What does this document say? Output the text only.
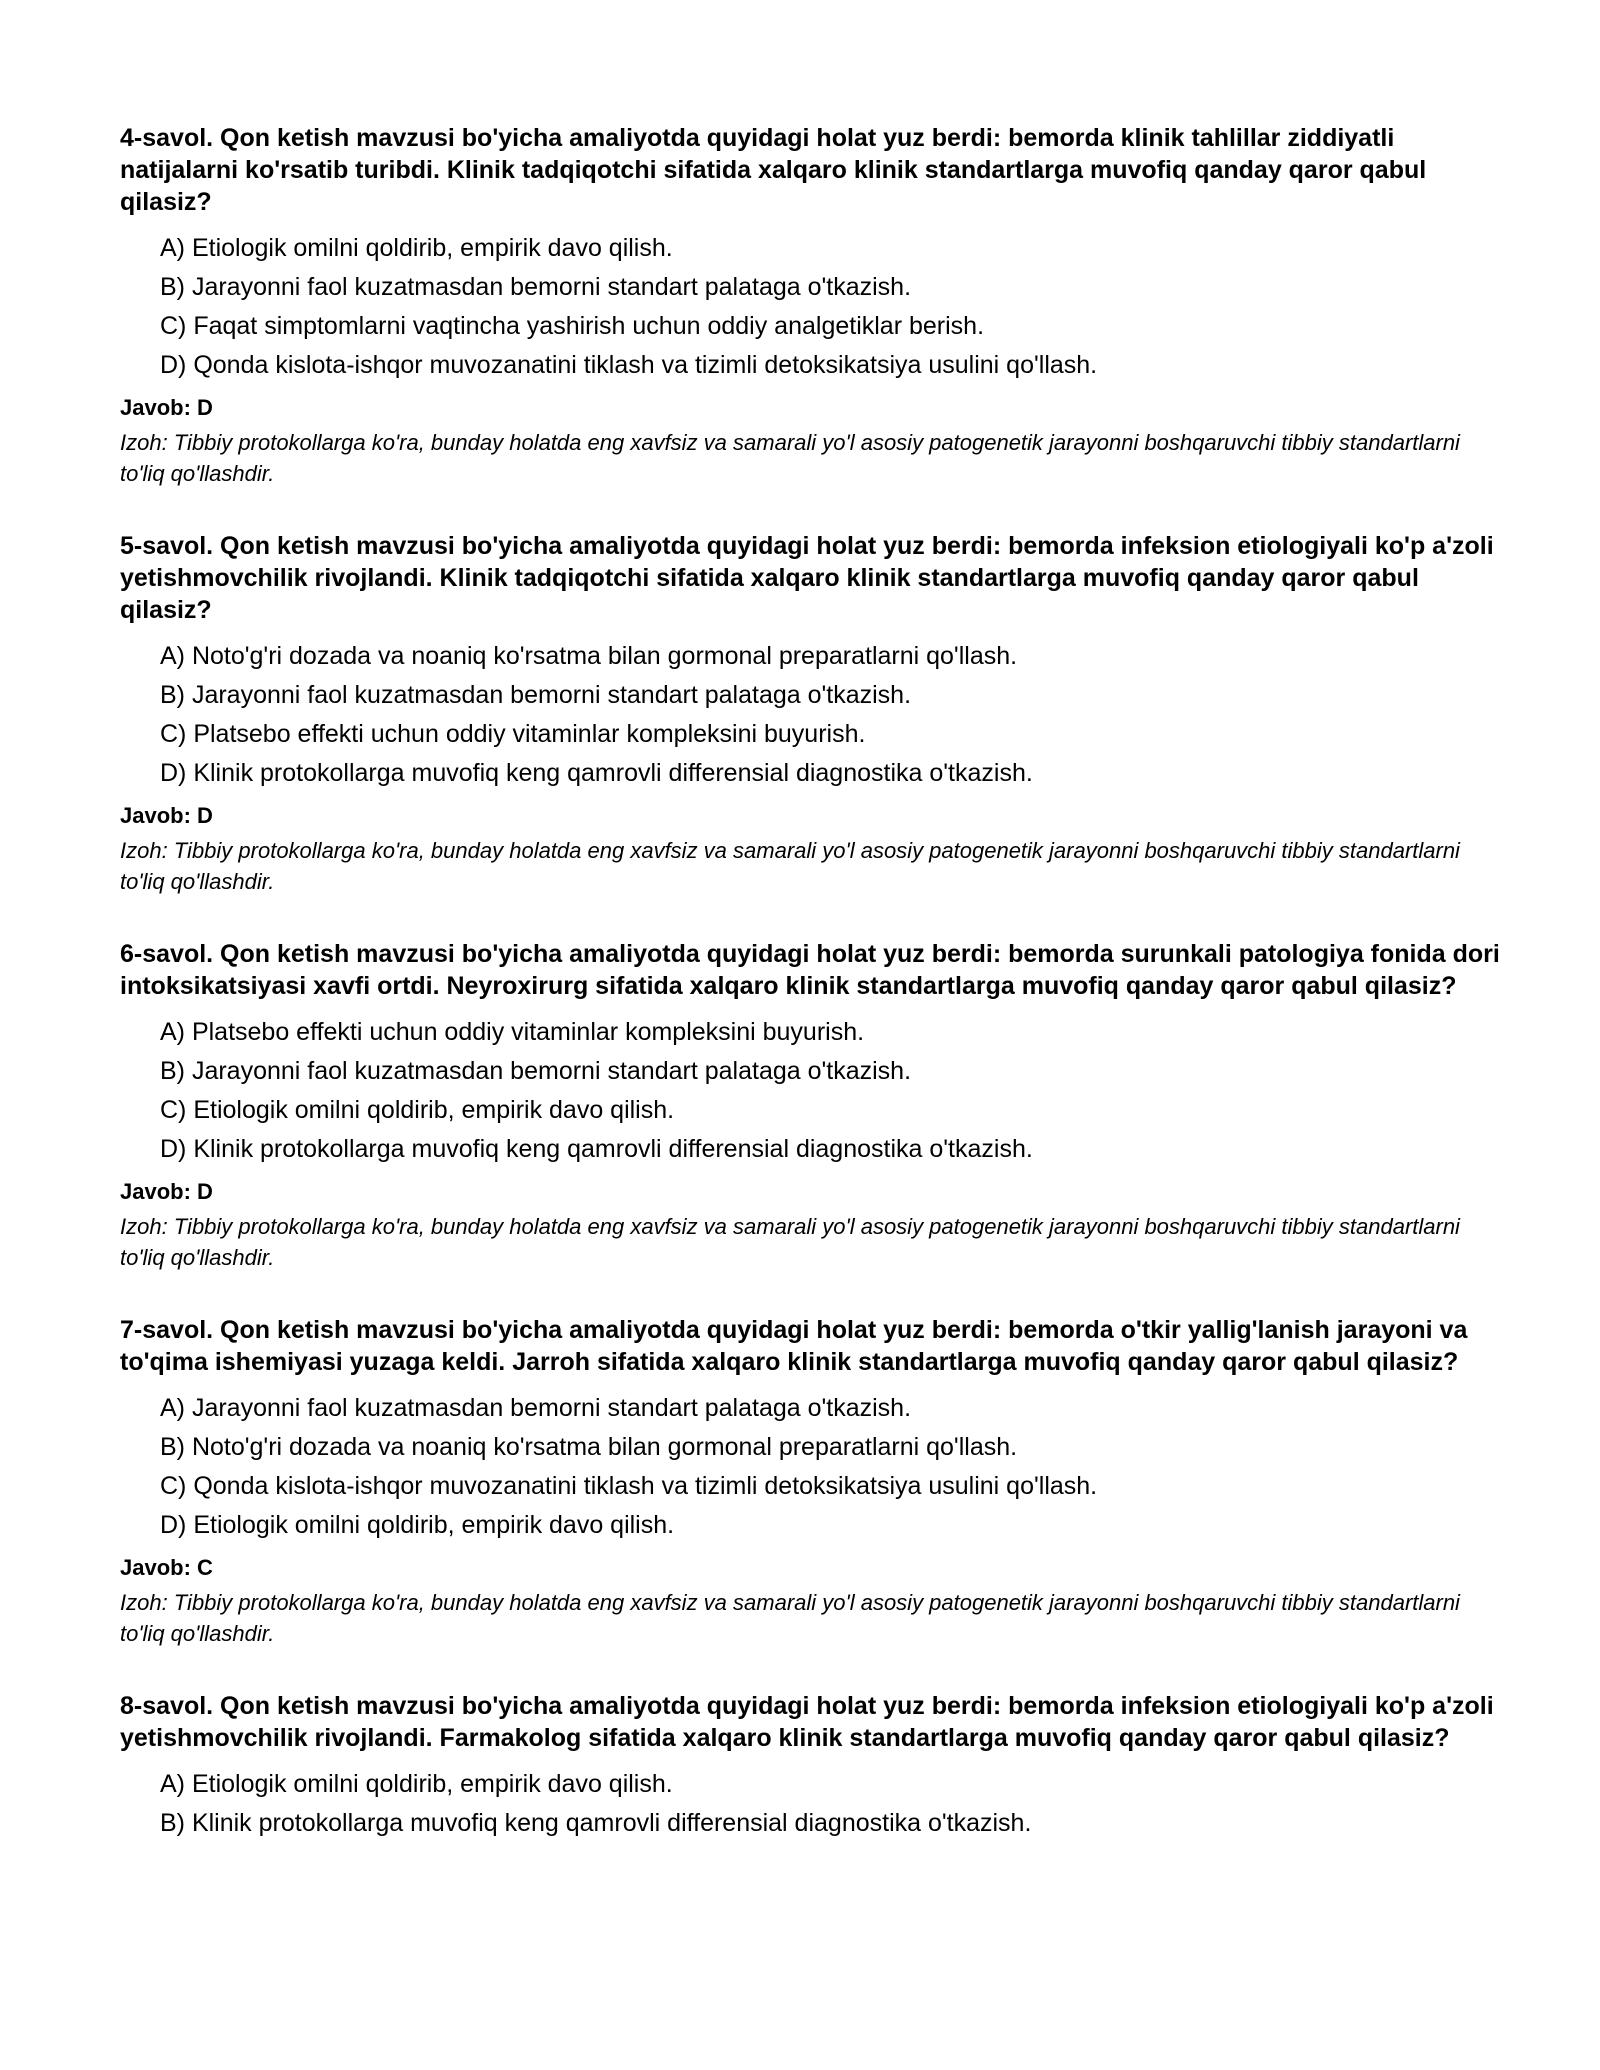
4-savol. Qon ketish mavzusi bo'yicha amaliyotda quyidagi holat yuz berdi: bemorda klinik tahlillar ziddiyatli natijalarni ko'rsatib turibdi. Klinik tadqiqotchi sifatida xalqaro klinik standartlarga muvofiq qanday qaror qabul qilasiz?
A) Etiologik omilni qoldirib, empirik davo qilish.
B) Jarayonni faol kuzatmasdan bemorni standart palataga o'tkazish.
C) Faqat simptomlarni vaqtincha yashirish uchun oddiy analgetiklar berish.
D) Qonda kislota-ishqor muvozanatini tiklash va tizimli detoksikatsiya usulini qo'llash.
Javob: D
Izoh: Tibbiy protokollarga ko'ra, bunday holatda eng xavfsiz va samarali yo'l asosiy patogenetik jarayonni boshqaruvchi tibbiy standartlarni to'liq qo'llashdir.
5-savol. Qon ketish mavzusi bo'yicha amaliyotda quyidagi holat yuz berdi: bemorda infeksion etiologiyali ko'p a'zoli yetishmovchilik rivojlandi. Klinik tadqiqotchi sifatida xalqaro klinik standartlarga muvofiq qanday qaror qabul qilasiz?
A) Noto'g'ri dozada va noaniq ko'rsatma bilan gormonal preparatlarni qo'llash.
B) Jarayonni faol kuzatmasdan bemorni standart palataga o'tkazish.
C) Platsebo effekti uchun oddiy vitaminlar kompleksini buyurish.
D) Klinik protokollarga muvofiq keng qamrovli differensial diagnostika o'tkazish.
Javob: D
Izoh: Tibbiy protokollarga ko'ra, bunday holatda eng xavfsiz va samarali yo'l asosiy patogenetik jarayonni boshqaruvchi tibbiy standartlarni to'liq qo'llashdir.
6-savol. Qon ketish mavzusi bo'yicha amaliyotda quyidagi holat yuz berdi: bemorda surunkali patologiya fonida dori intoksikatsiyasi xavfi ortdi. Neyroxirurg sifatida xalqaro klinik standartlarga muvofiq qanday qaror qabul qilasiz?
A) Platsebo effekti uchun oddiy vitaminlar kompleksini buyurish.
B) Jarayonni faol kuzatmasdan bemorni standart palataga o'tkazish.
C) Etiologik omilni qoldirib, empirik davo qilish.
D) Klinik protokollarga muvofiq keng qamrovli differensial diagnostika o'tkazish.
Javob: D
Izoh: Tibbiy protokollarga ko'ra, bunday holatda eng xavfsiz va samarali yo'l asosiy patogenetik jarayonni boshqaruvchi tibbiy standartlarni to'liq qo'llashdir.
7-savol. Qon ketish mavzusi bo'yicha amaliyotda quyidagi holat yuz berdi: bemorda o'tkir yallig'lanish jarayoni va to'qima ishemiyasi yuzaga keldi. Jarroh sifatida xalqaro klinik standartlarga muvofiq qanday qaror qabul qilasiz?
A) Jarayonni faol kuzatmasdan bemorni standart palataga o'tkazish.
B) Noto'g'ri dozada va noaniq ko'rsatma bilan gormonal preparatlarni qo'llash.
C) Qonda kislota-ishqor muvozanatini tiklash va tizimli detoksikatsiya usulini qo'llash.
D) Etiologik omilni qoldirib, empirik davo qilish.
Javob: C
Izoh: Tibbiy protokollarga ko'ra, bunday holatda eng xavfsiz va samarali yo'l asosiy patogenetik jarayonni boshqaruvchi tibbiy standartlarni to'liq qo'llashdir.
8-savol. Qon ketish mavzusi bo'yicha amaliyotda quyidagi holat yuz berdi: bemorda infeksion etiologiyali ko'p a'zoli yetishmovchilik rivojlandi. Farmakolog sifatida xalqaro klinik standartlarga muvofiq qanday qaror qabul qilasiz?
A) Etiologik omilni qoldirib, empirik davo qilish.
B) Klinik protokollarga muvofiq keng qamrovli differensial diagnostika o'tkazish.
